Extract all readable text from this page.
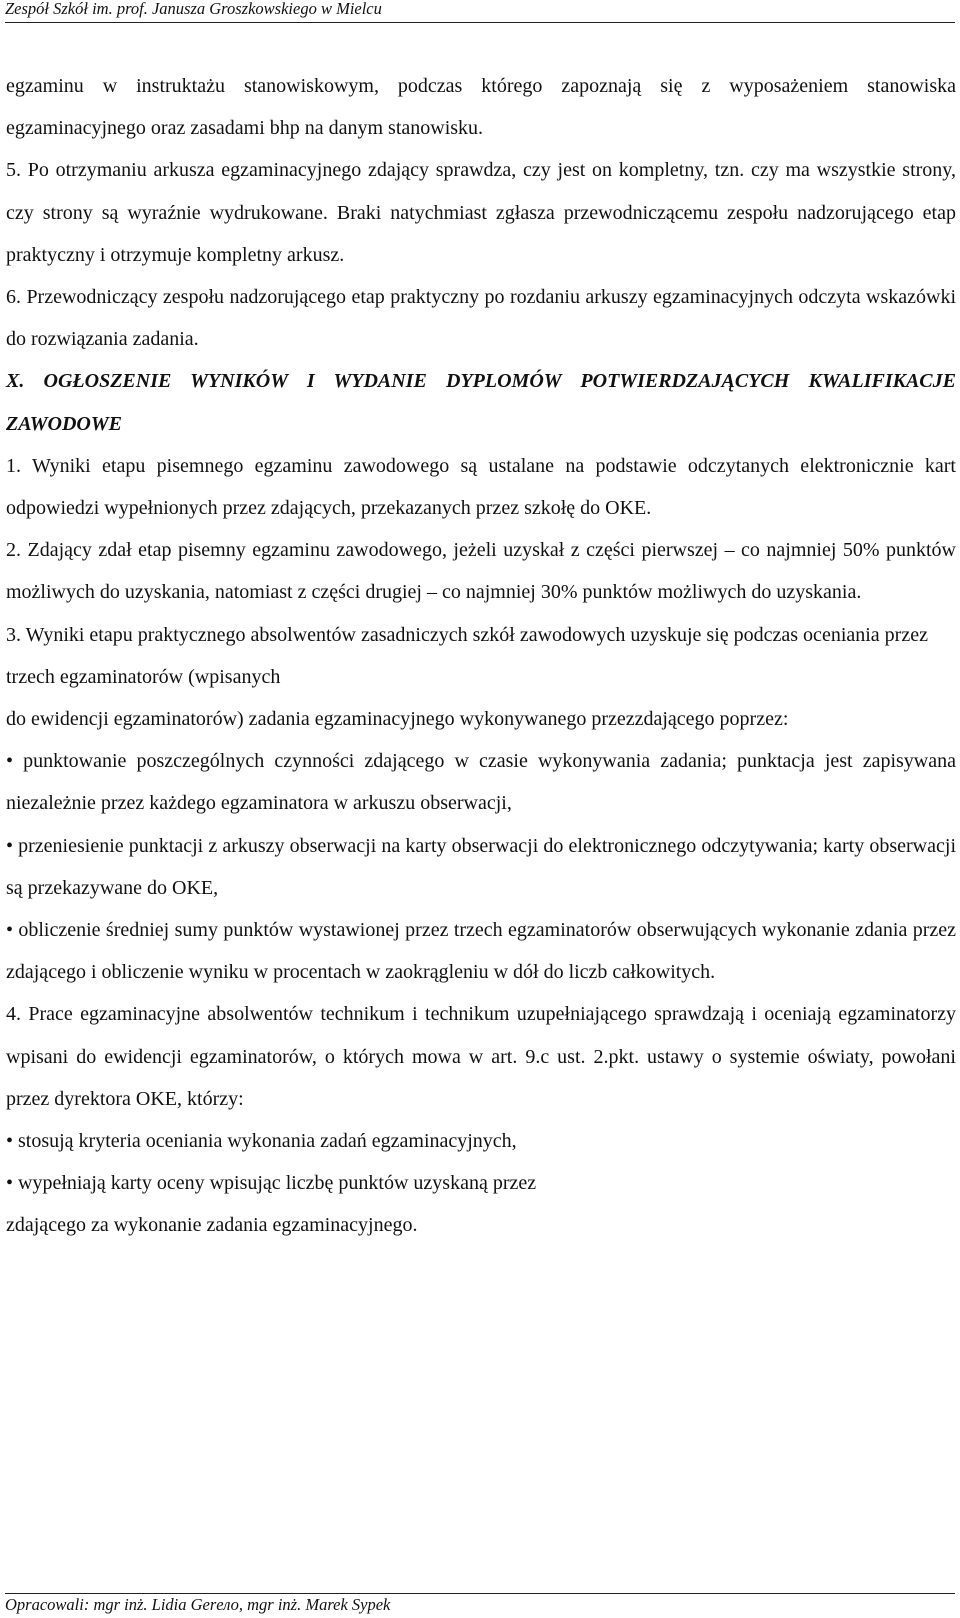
Zespół Szkół im. prof. Janusza Groszkowskiego w Mielcu

egzaminu w instruktażu stanowiskowym, podczas którego zapoznają się z wyposażeniem stanowiska egzaminacyjnego oraz zasadami bhp na danym stanowisku.

5. Po otrzymaniu arkusza egzaminacyjnego zdający sprawdza, czy jest on kompletny, tzn. czy ma wszystkie strony, czy strony są wyraźnie wydrukowane. Braki natychmiast zgłasza przewodniczącemu zespołu nadzorującego etap praktyczny i otrzymuje kompletny arkusz.

6. Przewodniczący zespołu nadzorującego etap praktyczny po rozdaniu arkuszy egzaminacyjnych odczyta wskazówki do rozwiązania zadania.

X. OGŁOSZENIE WYNIKÓW I WYDANIE DYPLOMÓW POTWIERDZAJĄCYCH KWALIFIKACJE ZAWODOWE

1. Wyniki etapu pisemnego egzaminu zawodowego są ustalane na podstawie odczytanych elektronicznie kart odpowiedzi wypełnionych przez zdających, przekazanych przez szkołę do OKE.

2. Zdający zdał etap pisemny egzaminu zawodowego, jeżeli uzyskał z części pierwszej – co najmniej 50% punktów możliwych do uzyskania, natomiast z części drugiej – co najmniej 30% punktów możliwych do uzyskania.

3. Wyniki etapu praktycznego absolwentów zasadniczych szkół zawodowych uzyskuje się podczas oceniania przez trzech egzaminatorów (wpisanych

do ewidencji egzaminatorów) zadania egzaminacyjnego wykonywanego przezzdającego poprzez:

• punktowanie poszczególnych czynności zdającego w czasie wykonywania zadania; punktacja jest zapisywana niezależnie przez każdego egzaminatora w arkuszu obserwacji,

• przeniesienie punktacji z arkuszy obserwacji na karty obserwacji do elektronicznego odczytywania; karty obserwacji są przekazywane do OKE,

• obliczenie średniej sumy punktów wystawionej przez trzech egzaminatorów obserwujących wykonanie zdania przez zdającego i obliczenie wyniku w procentach w zaokrągleniu w dół do liczb całkowitych.

4. Prace egzaminacyjne absolwentów technikum i technikum uzupełniającego sprawdzają i oceniają egzaminatorzy wpisani do ewidencji egzaminatorów, o których mowa w art. 9.c ust. 2.pkt. ustawy o systemie oświaty, powołani przez dyrektora OKE, którzy:

• stosują kryteria oceniania wykonania zadań egzaminacyjnych,

• wypełniają karty oceny wpisując liczbę punktów uzyskaną przez

zdającego za wykonanie zadania egzaminacyjnego.

Opracowali: mgr inż. Lidia Gerело, mgr inż. Marek Sypek
